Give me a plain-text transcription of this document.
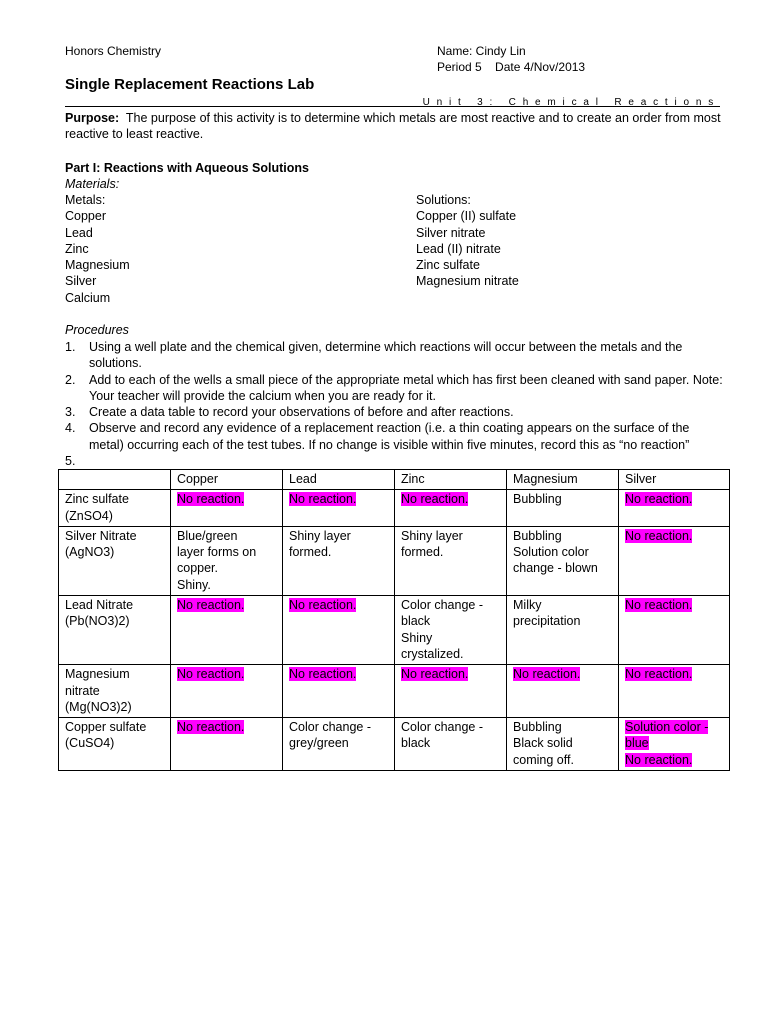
Honors Chemistry	Name: Cindy Lin
Period 5    Date 4/Nov/2013
Single Replacement Reactions Lab
Unit 3: Chemical Reactions
Purpose:  The purpose of this activity is to determine which metals are most reactive and to create an order from most reactive to least reactive.
Part I: Reactions with Aqueous Solutions
Materials:
Metals:
Copper
Lead
Zinc
Magnesium
Silver
Calcium
Solutions:
Copper (II) sulfate
Silver nitrate
Lead (II) nitrate
Zinc sulfate
Magnesium nitrate
Procedures
1. Using a well plate and the chemical given, determine which reactions will occur between the metals and the solutions.
2. Add to each of the wells a small piece of the appropriate metal which has first been cleaned with sand paper. Note: Your teacher will provide the calcium when you are ready for it.
3. Create a data table to record your observations of before and after reactions.
4. Observe and record any evidence of a replacement reaction (i.e. a thin coating appears on the surface of the metal) occurring each of the test tubes. If no change is visible within five minutes, record this as “no reaction”
5.
	Copper	Lead	Zinc	Magnesium	Silver

Zinc sulfate
(ZnSO4)	No reaction.	No reaction.	No reaction.	Bubbling	No reaction.

Silver Nitrate
(AgNO3)	Blue/green
layer forms on
copper.
Shiny.	Shiny layer
formed.	Shiny layer
formed.	Bubbling
Solution color
change - blown	No reaction.

Lead Nitrate
(Pb(NO3)2)	No reaction.	No reaction.	Color change -
black
Shiny
crystalized.	Milky
precipitation	No reaction.

Magnesium
nitrate
(Mg(NO3)2)	No reaction.	No reaction.	No reaction.	No reaction.	No reaction.

Copper sulfate
(CuSO4)	No reaction.	Color change -
grey/green	Color change -
black	Bubbling
Black solid
coming off.	Solution color -
blue
No reaction.
